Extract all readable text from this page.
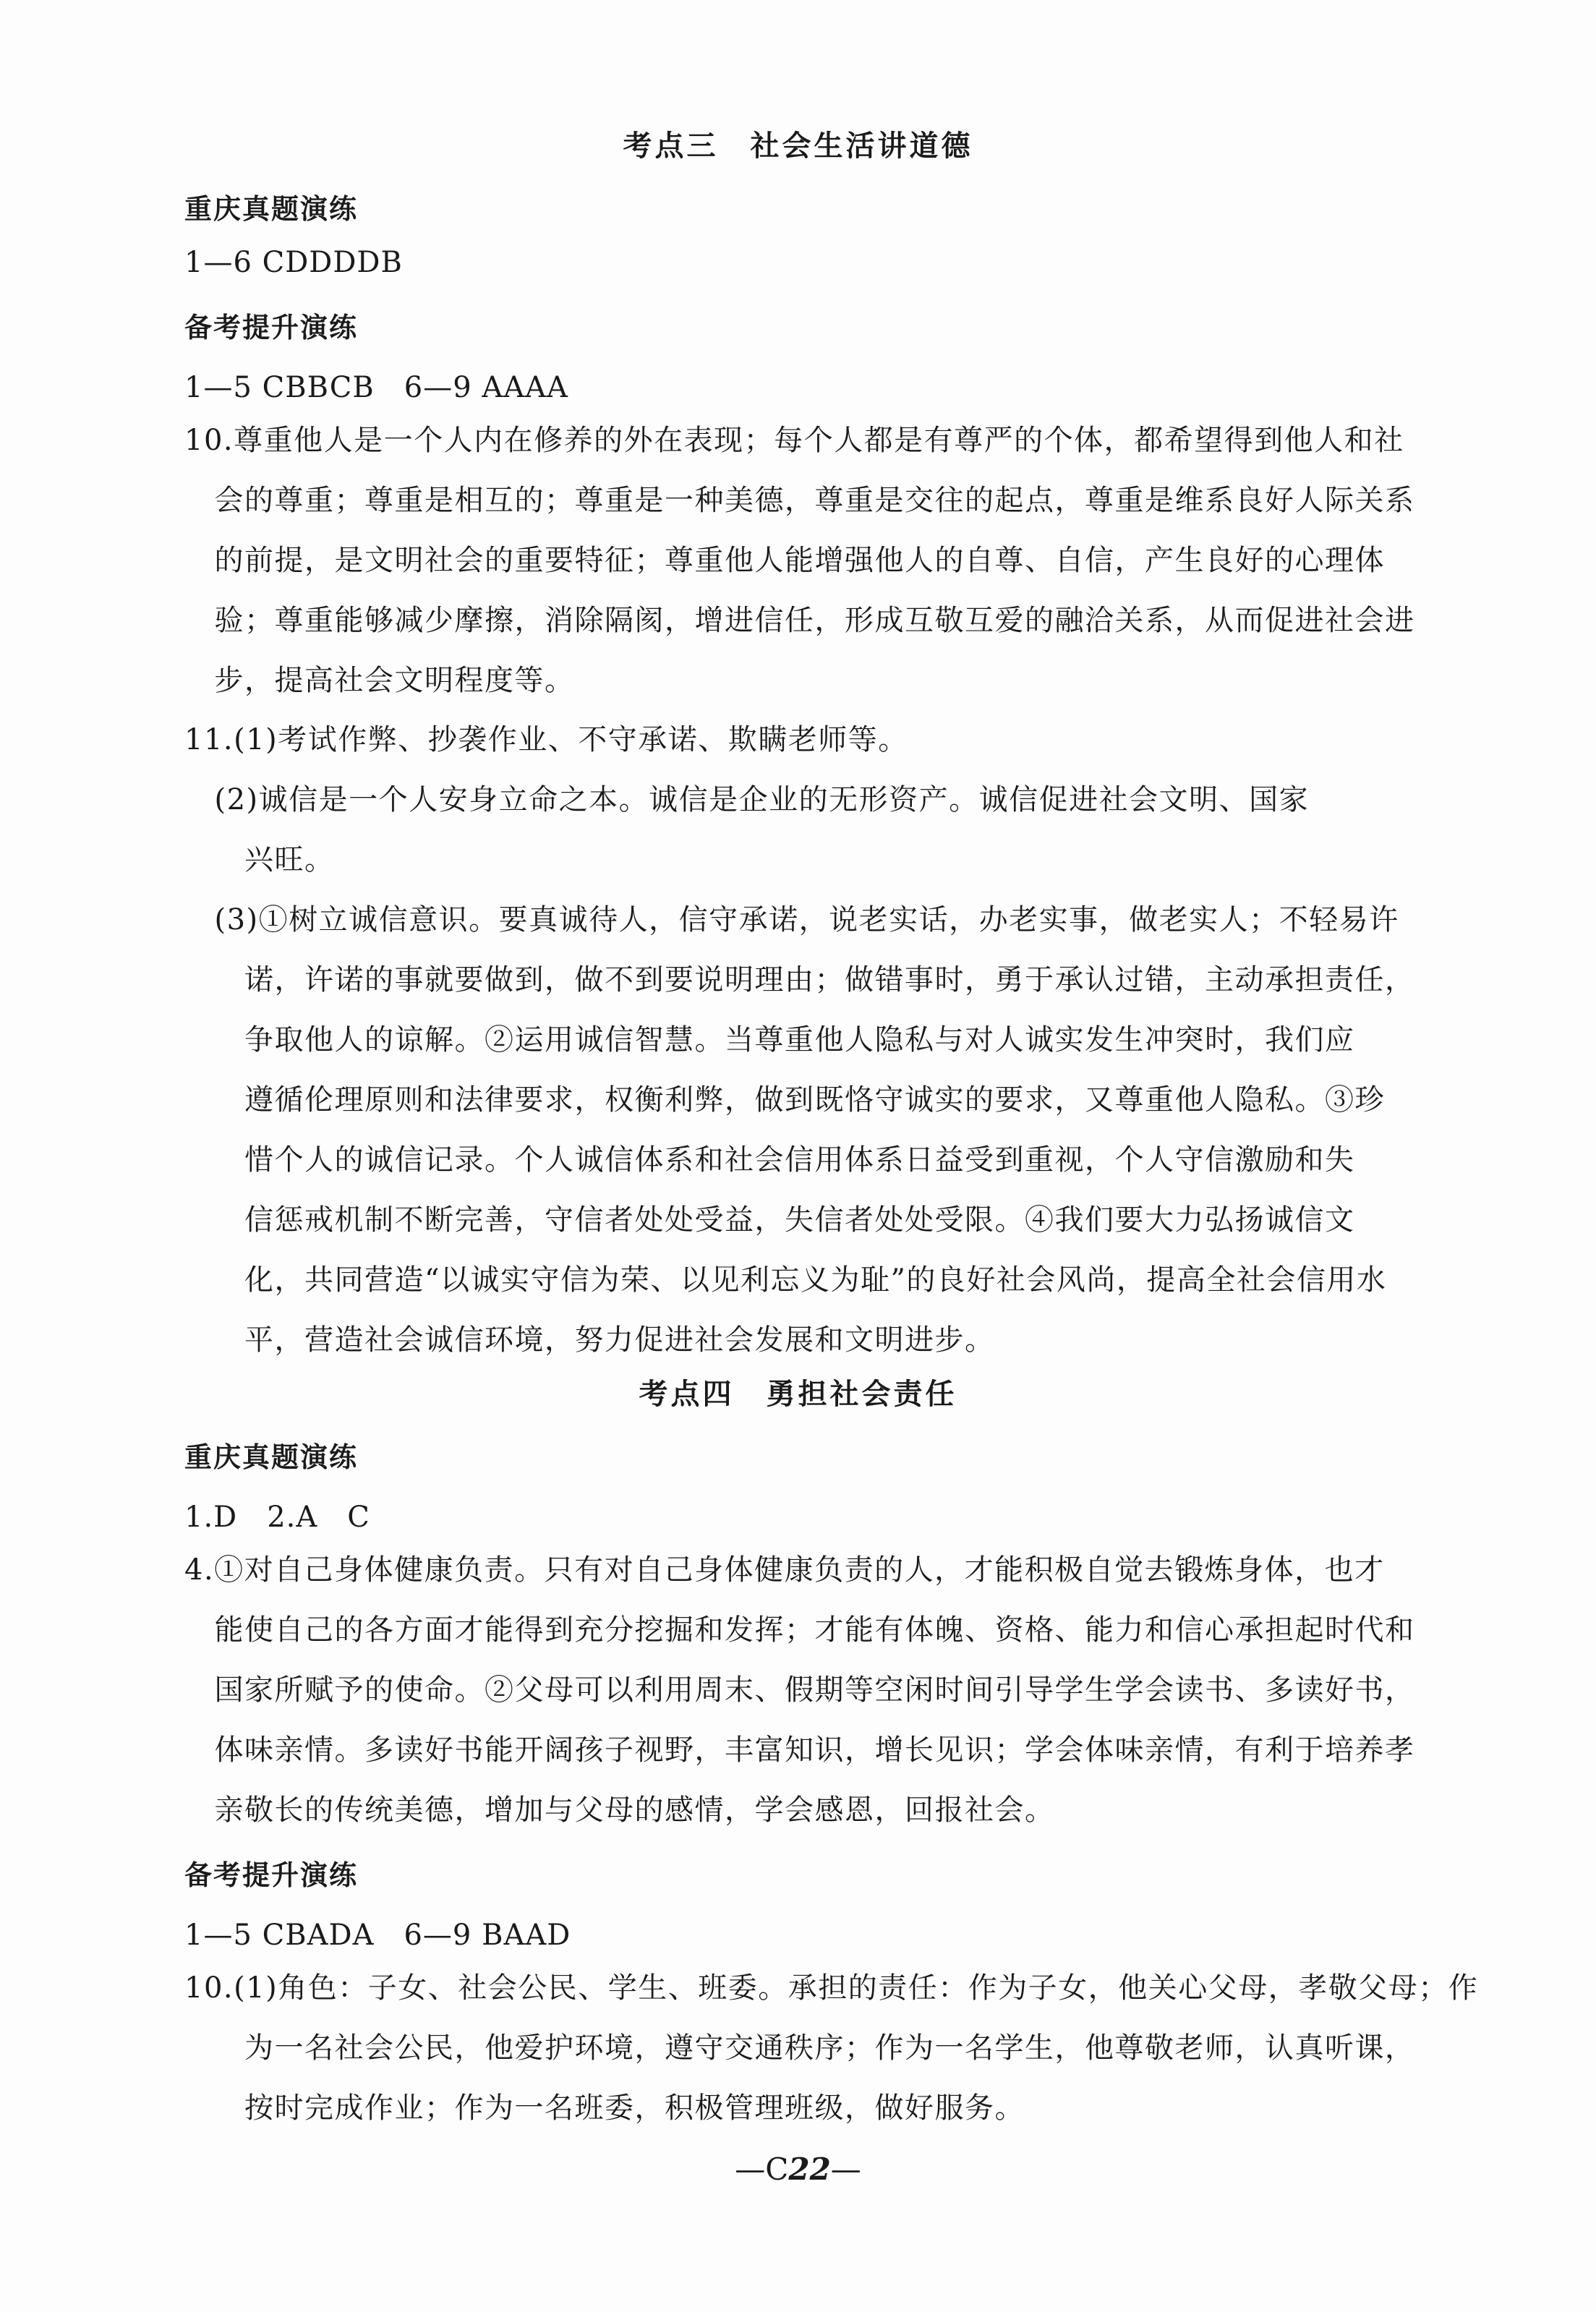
考点三　社会生活讲道德

重庆真题演练

1—6 CDDDDB

备考提升演练

1—5 CBBCB　6—9 AAAA

10.尊重他人是一个人内在修养的外在表现；每个人都是有尊严的个体，都希望得到他人和社
　会的尊重；尊重是相互的；尊重是一种美德，尊重是交往的起点，尊重是维系良好人际关系
　的前提，是文明社会的重要特征；尊重他人能增强他人的自尊、自信，产生良好的心理体
　验；尊重能够减少摩擦，消除隔阂，增进信任，形成互敬互爱的融洽关系，从而促进社会进
　步，提高社会文明程度等。
11.(1)考试作弊、抄袭作业、不守承诺、欺瞒老师等。
　(2)诚信是一个人安身立命之本。诚信是企业的无形资产。诚信促进社会文明、国家
　　兴旺。
　(3)①树立诚信意识。要真诚待人，信守承诺，说老实话，办老实事，做老实人；不轻易许
　　诺，许诺的事就要做到，做不到要说明理由；做错事时，勇于承认过错，主动承担责任，
　　争取他人的谅解。②运用诚信智慧。当尊重他人隐私与对人诚实发生冲突时，我们应
　　遵循伦理原则和法律要求，权衡利弊，做到既恪守诚实的要求，又尊重他人隐私。③珍
　　惜个人的诚信记录。个人诚信体系和社会信用体系日益受到重视，个人守信激励和失
　　信惩戒机制不断完善，守信者处处受益，失信者处处受限。④我们要大力弘扬诚信文
　　化，共同营造“以诚实守信为荣、以见利忘义为耻”的良好社会风尚，提高全社会信用水
　　平，营造社会诚信环境，努力促进社会发展和文明进步。
考点四　勇担社会责任

重庆真题演练

1.D　2.A　C

4.①对自己身体健康负责。只有对自己身体健康负责的人，才能积极自觉去锻炼身体，也才
　能使自己的各方面才能得到充分挖掘和发挥；才能有体魄、资格、能力和信心承担起时代和
　国家所赋予的使命。②父母可以利用周末、假期等空闲时间引导学生学会读书、多读好书，
　体味亲情。多读好书能开阔孩子视野，丰富知识，增长见识；学会体味亲情，有利于培养孝
　亲敬长的传统美德，增加与父母的感情，学会感恩，回报社会。

备考提升演练

1—5 CBADA　6—9 BAAD

10.(1)角色：子女、社会公民、学生、班委。承担的责任：作为子女，他关心父母，孝敬父母；作
　　为一名社会公民，他爱护环境，遵守交通秩序；作为一名学生，他尊敬老师，认真听课，
　　按时完成作业；作为一名班委，积极管理班级，做好服务。

—C22—
